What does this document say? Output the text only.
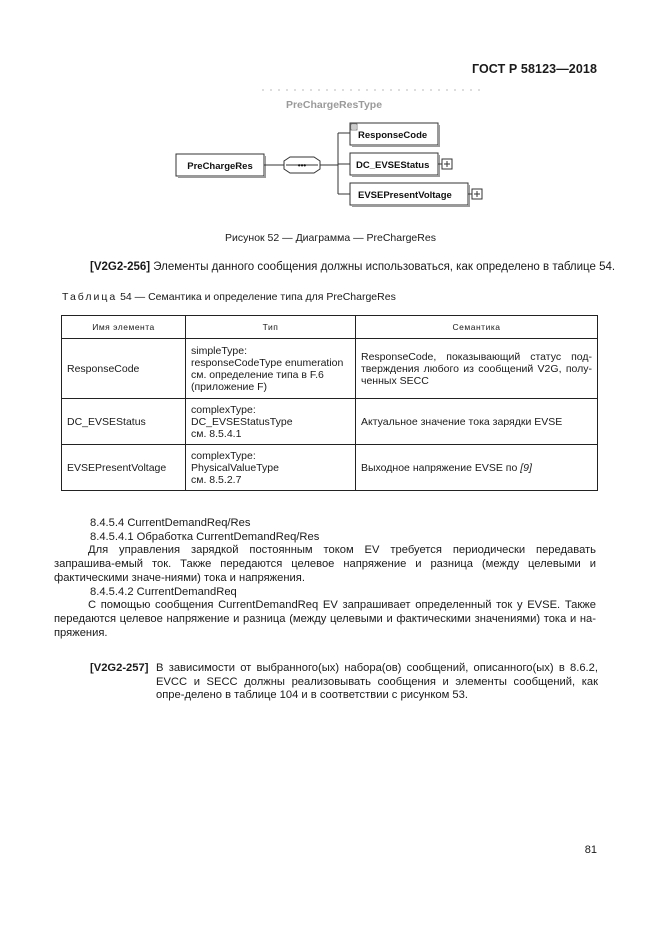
ГОСТ Р 58123—2018
PreChargeResType
PreChargeRes	•••
ResponseCode
DC_EVSEStatus
EVSEPresentVoltage
Рисунок 52 — Диаграмма — PreChargeRes
[V2G2-256] Элементы данного сообщения должны использоваться, как определено в таблице 54.
Таблица 54 — Семантика и определение типа для PreChargeRes
Имя элемента	Тип	Семантика
ResponseCode	simpleType:
responseCodeType enumeration
см. определение типа в F.6
(приложение F)	ResponseCode, показывающий статус под-тверждения любого из сообщений V2G, полу-ченных SECC
DC_EVSEStatus	complexType:
DC_EVSEStatusType
см. 8.5.4.1	Актуальное значение тока зарядки EVSE
EVSEPresentVoltage	complexType:
PhysicalValueType
см. 8.5.2.7	Выходное напряжение EVSE по [9]

8.4.5.4 CurrentDemandReq/Res

8.4.5.4.1 Обработка CurrentDemandReq/Res

Для управления зарядкой постоянным током EV требуется периодически передавать запрашива-емый ток. Также передаются целевое напряжение и разница (между целевыми и фактическими значе-ниями) тока и напряжения.

8.4.5.4.2 CurrentDemandReq

С помощью сообщения CurrentDemandReq EV запрашивает определенный ток у EVSE. Также передаются целевое напряжение и разница (между целевыми и фактическими значениями) тока и на-пряжения.

[V2G2-257] В зависимости от выбранного(ых) набора(ов) сообщений, описанного(ых) в 8.6.2, EVCC и SECC должны реализовывать сообщения и элементы сообщений, как опре-делено в таблице 104 и в соответствии с рисунком 53.
81
